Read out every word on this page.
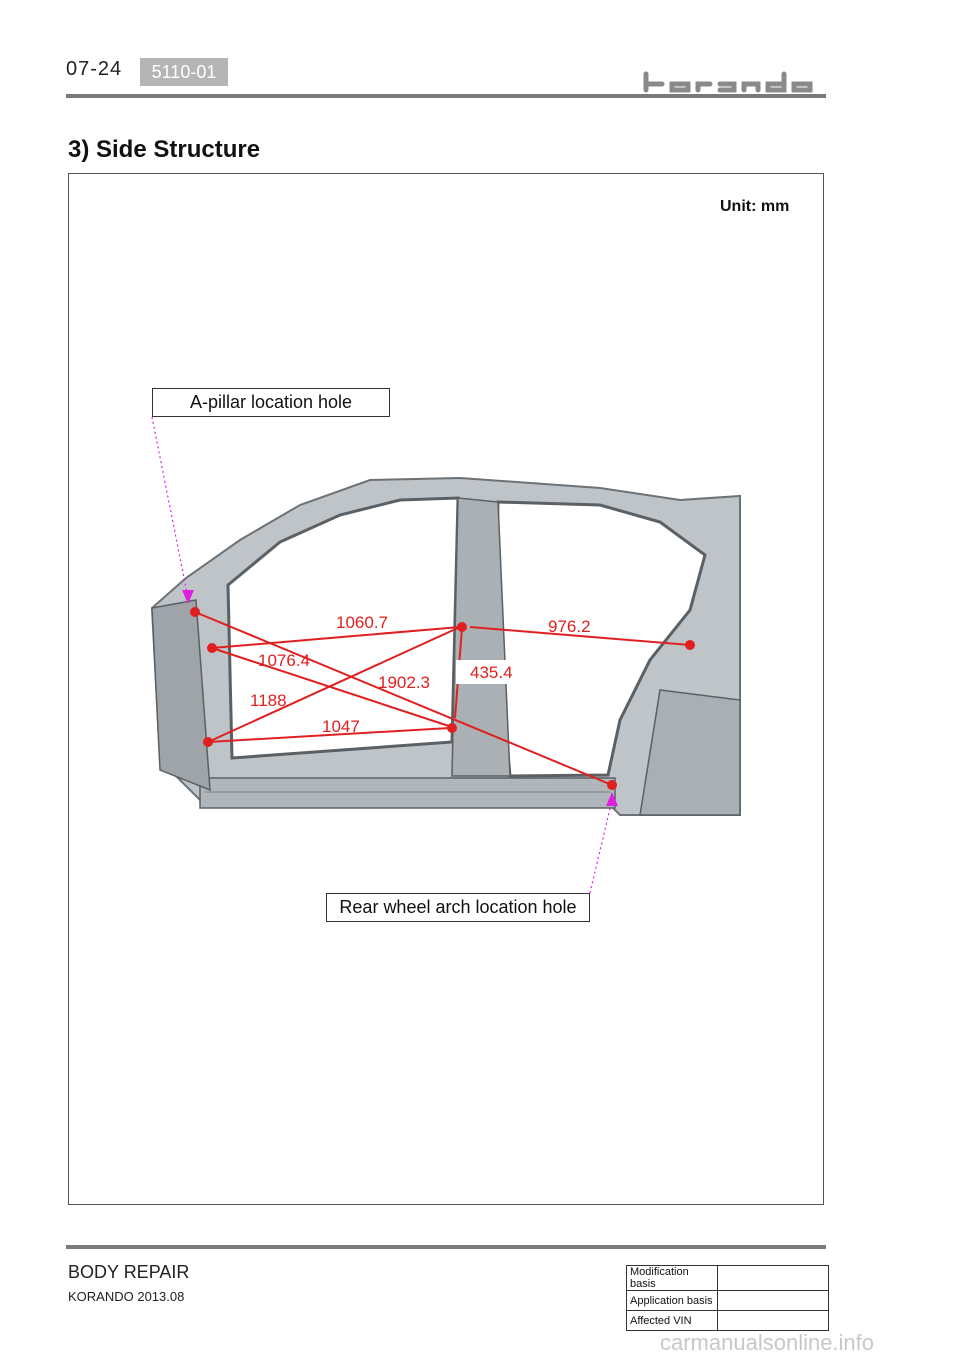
07-24	5110-01
3) Side Structure
Unit: mm
1060.7	976.2
1076.4
1902.3
435.4
1188
1047
A-pillar location hole
Rear wheel arch location hole
BODY REPAIR
KORANDO 2013.08
Modification basis	
Application basis	
Affected VIN	
carmanualsonline.info
